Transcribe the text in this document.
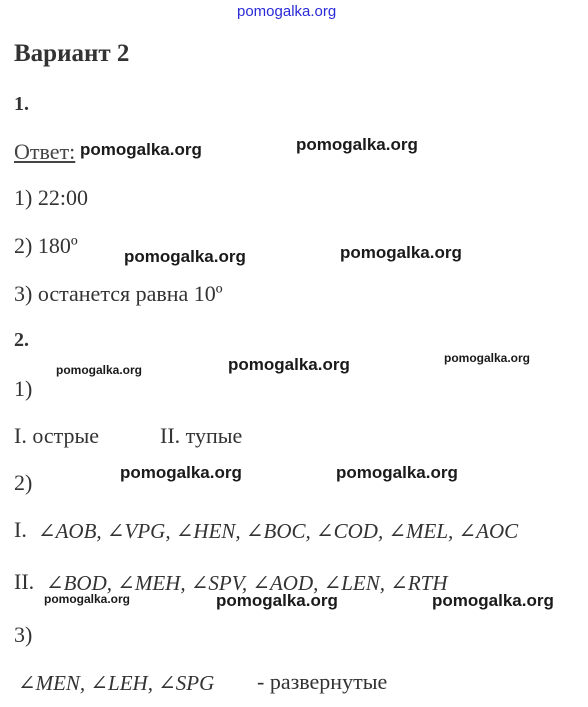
pomogalka.org
Вариант 2
1.
Ответ:
1) 22:00
2) 180º
3) останется равна 10º
2.
1)
I. острые	II. тупые
2)
I. ∠AOB, ∠VPG, ∠HEN, ∠BOC, ∠COD, ∠MEL, ∠AOC
II. ∠BOD, ∠MEH, ∠SPV, ∠AOD, ∠LEN, ∠RTH
3)
∠MEN, ∠LEH, ∠SPG - развернутые
pomogalka.org	pomogalka.org
pomogalka.org	pomogalka.org
pomogalka.org	pomogalka.org	pomogalka.org
pomogalka.org	pomogalka.org
pomogalka.org	pomogalka.org	pomogalka.org
